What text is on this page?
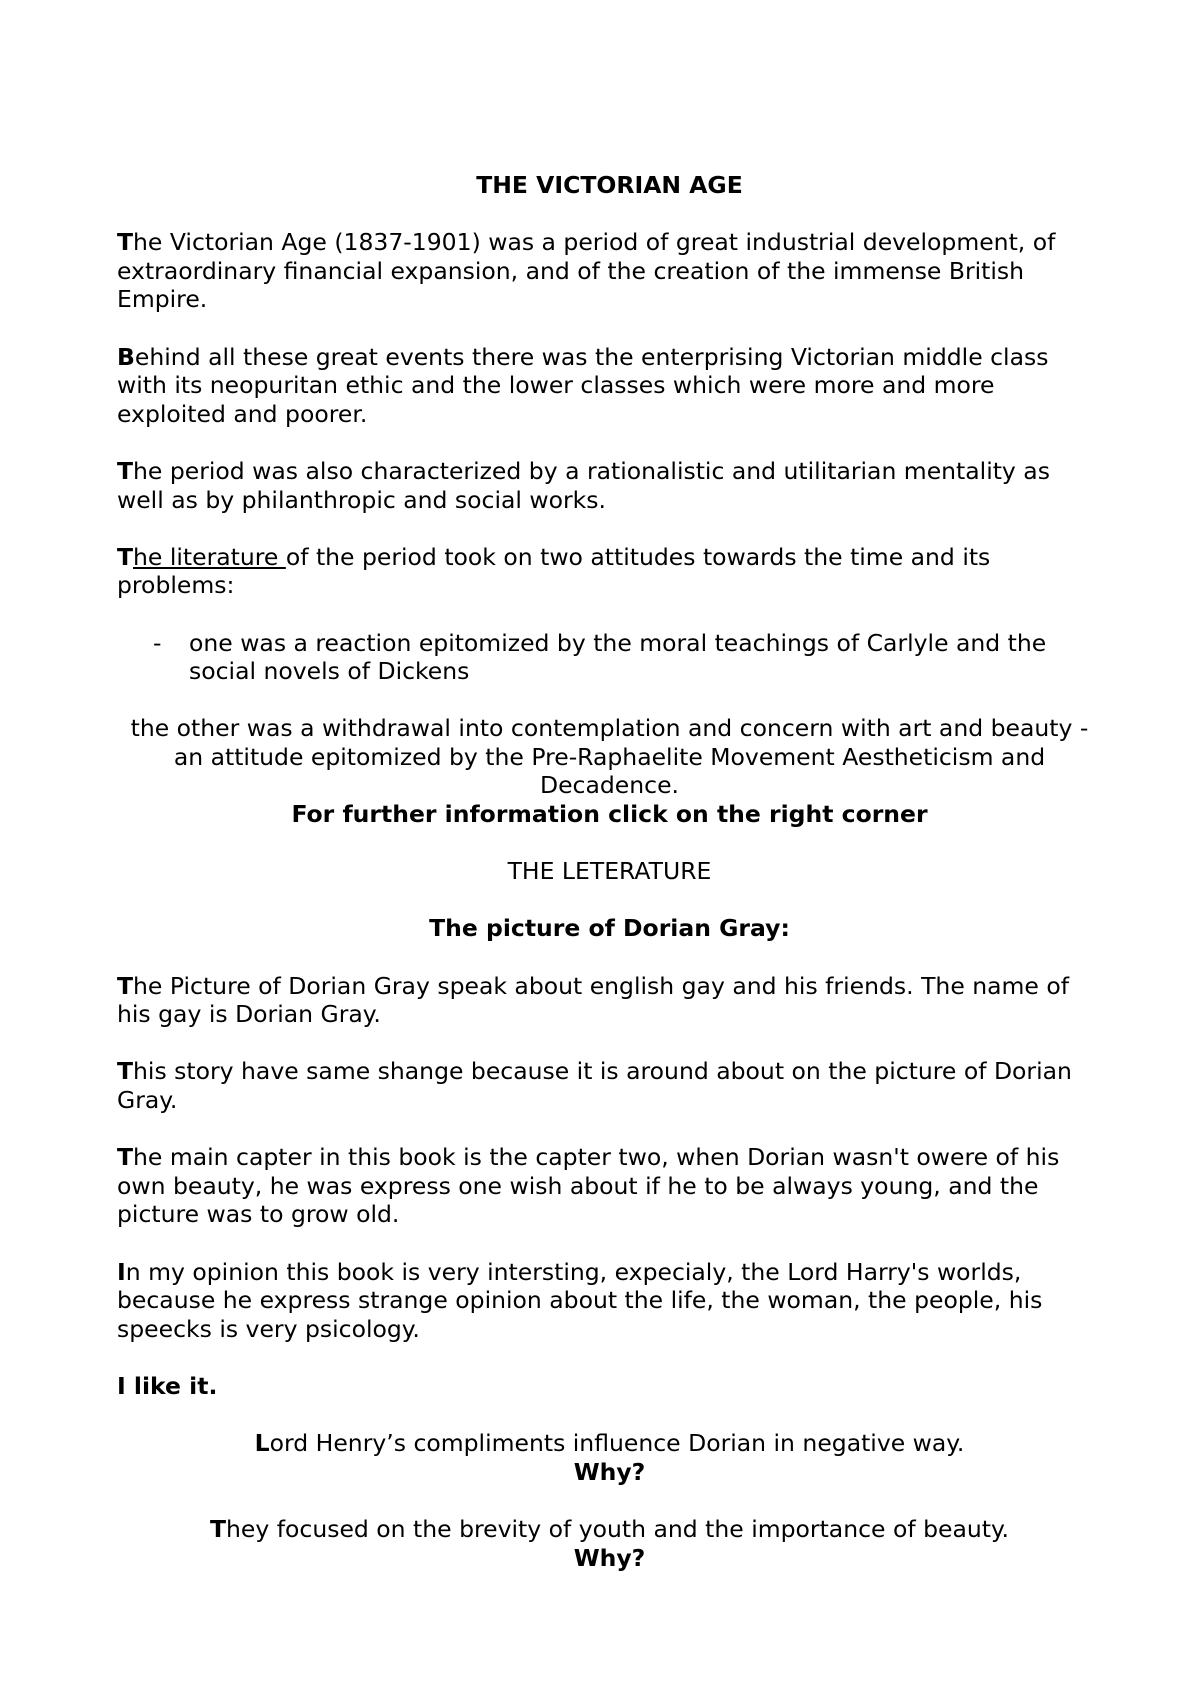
THE VICTORIAN AGE

The Victorian Age (1837-1901) was a period of great industrial development, of extraordinary financial expansion, and of the creation of the immense British Empire.

Behind all these great events there was the enterprising Victorian middle class with its neopuritan ethic and the lower classes which were more and more exploited and poorer.

The period was also characterized by a rationalistic and utilitarian mentality as well as by philanthropic and social works.

The literature of the period took on two attitudes towards the time and its problems:

- one was a reaction epitomized by the moral teachings of Carlyle and the social novels of Dickens

the other was a withdrawal into contemplation and concern with art and beauty - an attitude epitomized by the Pre-Raphaelite Movement Aestheticism and Decadence.

For further information click on the right corner

THE LETERATURE

The picture of Dorian Gray:

The Picture of Dorian Gray speak about english gay and his friends. The name of his gay is Dorian Gray.

This story have same shange because it is around about on the picture of Dorian Gray.

The main capter in this book is the capter two, when Dorian wasn't owere of his own beauty, he was express one wish about if he to be always young, and the picture was to grow old.

In my opinion this book is very intersting, expecialy, the Lord Harry's worlds, because he express strange opinion about the life, the woman, the people, his speecks is very psicology.

I like it.

Lord Henry’s compliments influence Dorian in negative way.

Why?

They focused on the brevity of youth and the importance of beauty.

Why?
